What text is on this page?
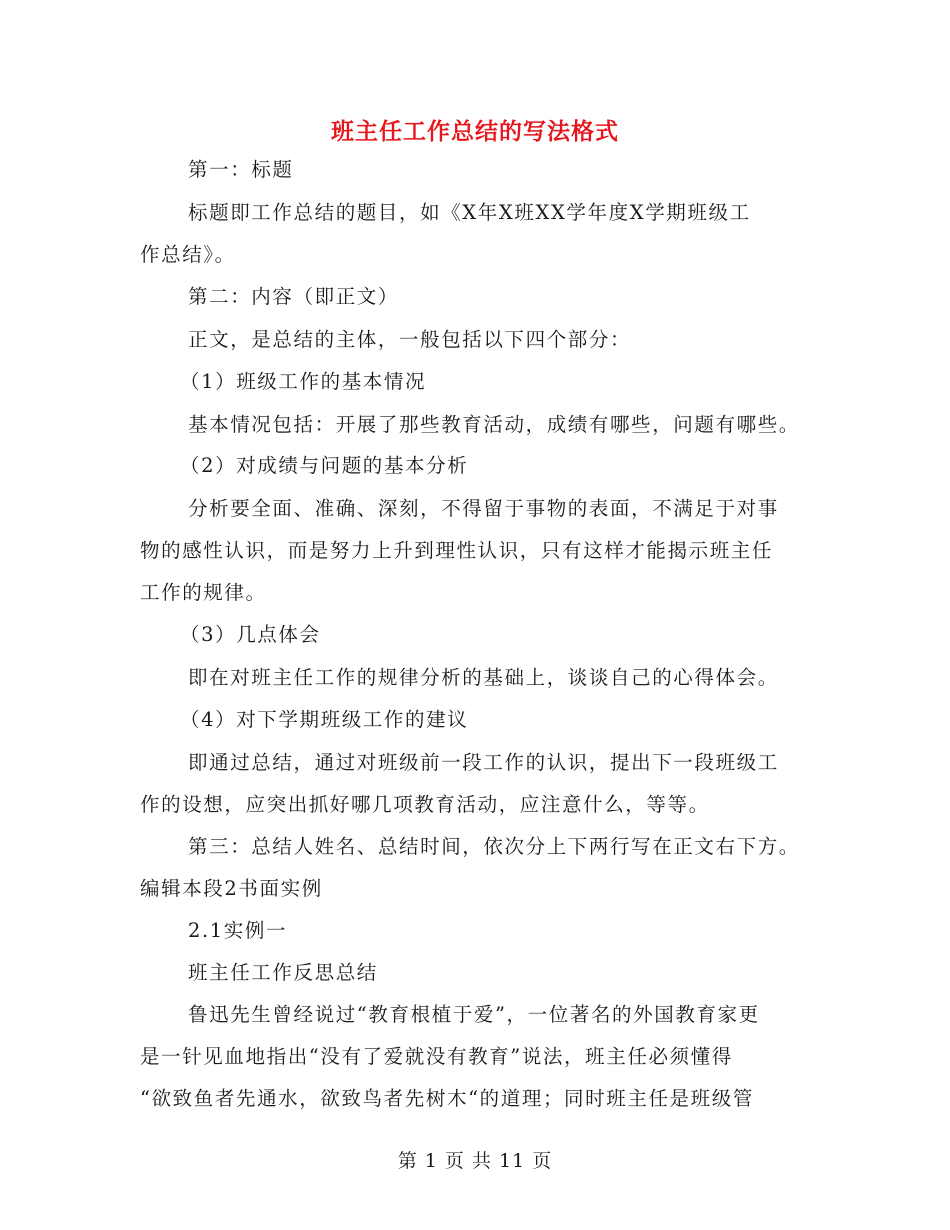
班主任工作总结的写法格式
第一：标题
标题即工作总结的题目，如《X年X班XX学年度X学期班级工
作总结》。
第二：内容（即正文）
正文，是总结的主体，一般包括以下四个部分：
（1）班级工作的基本情况
基本情况包括：开展了那些教育活动，成绩有哪些，问题有哪些。
（2）对成绩与问题的基本分析
分析要全面、准确、深刻，不得留于事物的表面，不满足于对事
物的感性认识，而是努力上升到理性认识，只有这样才能揭示班主任
工作的规律。
（3）几点体会
即在对班主任工作的规律分析的基础上，谈谈自己的心得体会。
（4）对下学期班级工作的建议
即通过总结，通过对班级前一段工作的认识，提出下一段班级工
作的设想，应突出抓好哪几项教育活动，应注意什么，等等。
第三：总结人姓名、总结时间，依次分上下两行写在正文右下方。
编辑本段2书面实例
2.1实例一
班主任工作反思总结
鲁迅先生曾经说过“教育根植于爱”，一位著名的外国教育家更
是一针见血地指出“没有了爱就没有教育”说法，班主任必须懂得
“欲致鱼者先通水，欲致鸟者先树木“的道理；同时班主任是班级管
第 1 页 共 11 页
